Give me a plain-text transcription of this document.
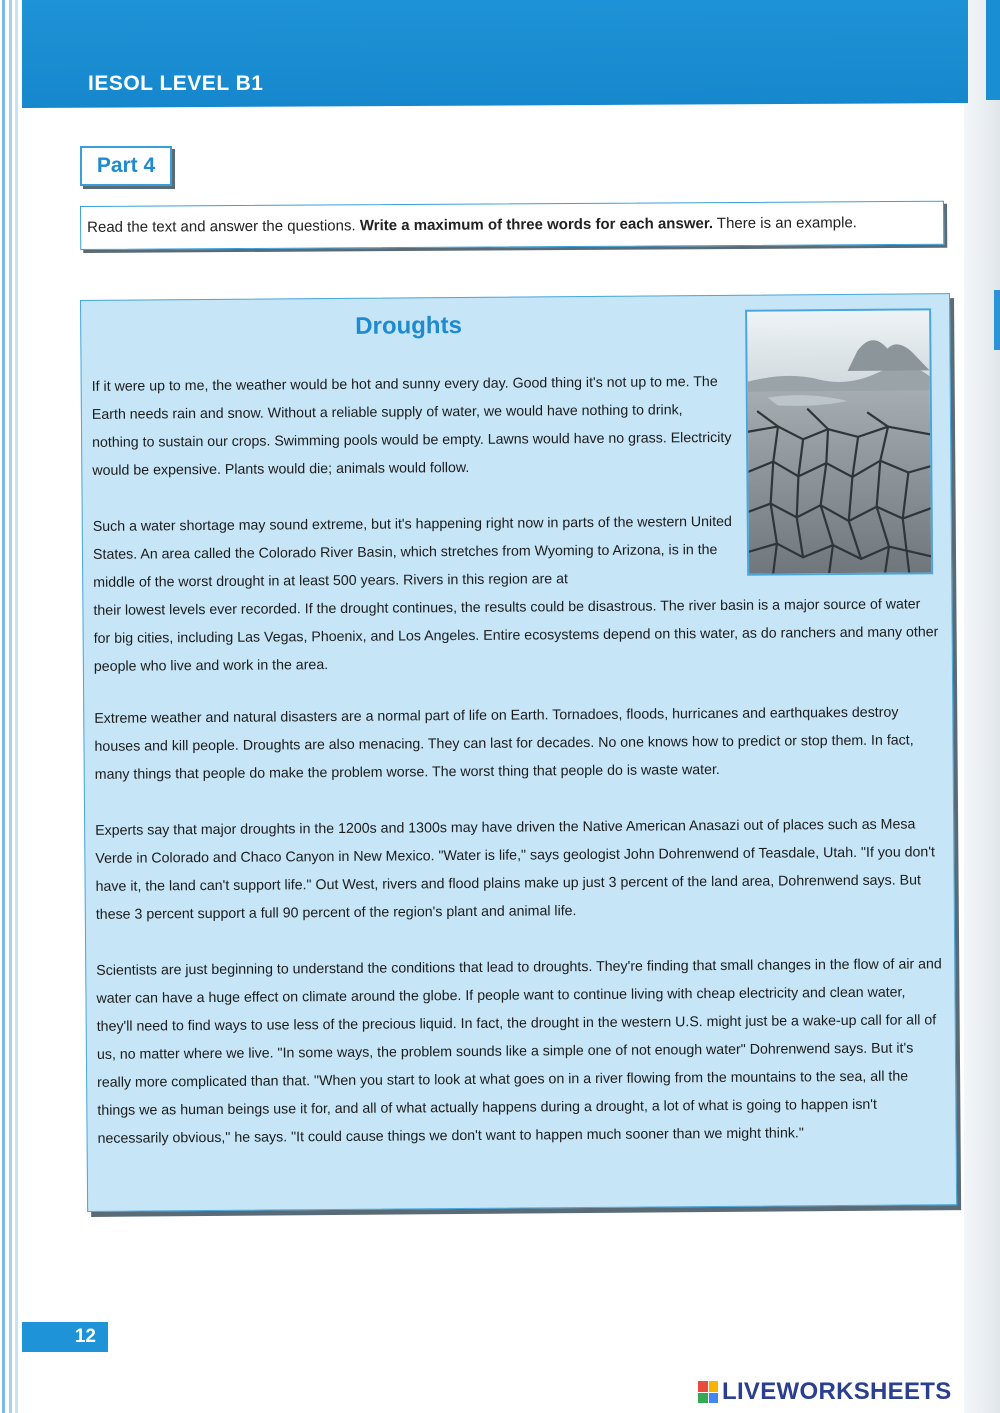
IESOL LEVEL B1
Part 4
Read the text and answer the questions. Write a maximum of three words for each answer. There is an example.
Droughts

If it were up to me, the weather would be hot and sunny every day. Good thing it's not up to me. The Earth needs rain and snow. Without a reliable supply of water, we would have nothing to drink, nothing to sustain our crops. Swimming pools would be empty. Lawns would have no grass. Electricity would be expensive. Plants would die; animals would follow.

Such a water shortage may sound extreme, but it's happening right now in parts of the western United States. An area called the Colorado River Basin, which stretches from Wyoming to Arizona, is in the middle of the worst drought in at least 500 years. Rivers in this region are at
their lowest levels ever recorded. If the drought continues, the results could be disastrous. The river basin is a major source of water for big cities, including Las Vegas, Phoenix, and Los Angeles. Entire ecosystems depend on this water, as do ranchers and many other people who live and work in the area.

Extreme weather and natural disasters are a normal part of life on Earth. Tornadoes, floods, hurricanes and earthquakes destroy houses and kill people. Droughts are also menacing. They can last for decades. No one knows how to predict or stop them. In fact, many things that people do make the problem worse. The worst thing that people do is waste water.

Experts say that major droughts in the 1200s and 1300s may have driven the Native American Anasazi out of places such as Mesa Verde in Colorado and Chaco Canyon in New Mexico. "Water is life," says geologist John Dohrenwend of Teasdale, Utah. "If you don't have it, the land can't support life." Out West, rivers and flood plains make up just 3 percent of the land area, Dohrenwend says. But these 3 percent support a full 90 percent of the region's plant and animal life.

Scientists are just beginning to understand the conditions that lead to droughts. They're finding that small changes in the flow of air and water can have a huge effect on climate around the globe. If people want to continue living with cheap electricity and clean water, they'll need to find ways to use less of the precious liquid. In fact, the drought in the western U.S. might just be a wake-up call for all of us, no matter where we live. "In some ways, the problem sounds like a simple one of not enough water" Dohrenwend says. But it's really more complicated than that. "When you start to look at what goes on in a river flowing from the mountains to the sea, all the things we as human beings use it for, and all of what actually happens during a drought, a lot of what is going to happen isn't necessarily obvious," he says. "It could cause things we don't want to happen much sooner than we might think."

12
LIVEWORKSHEETS
